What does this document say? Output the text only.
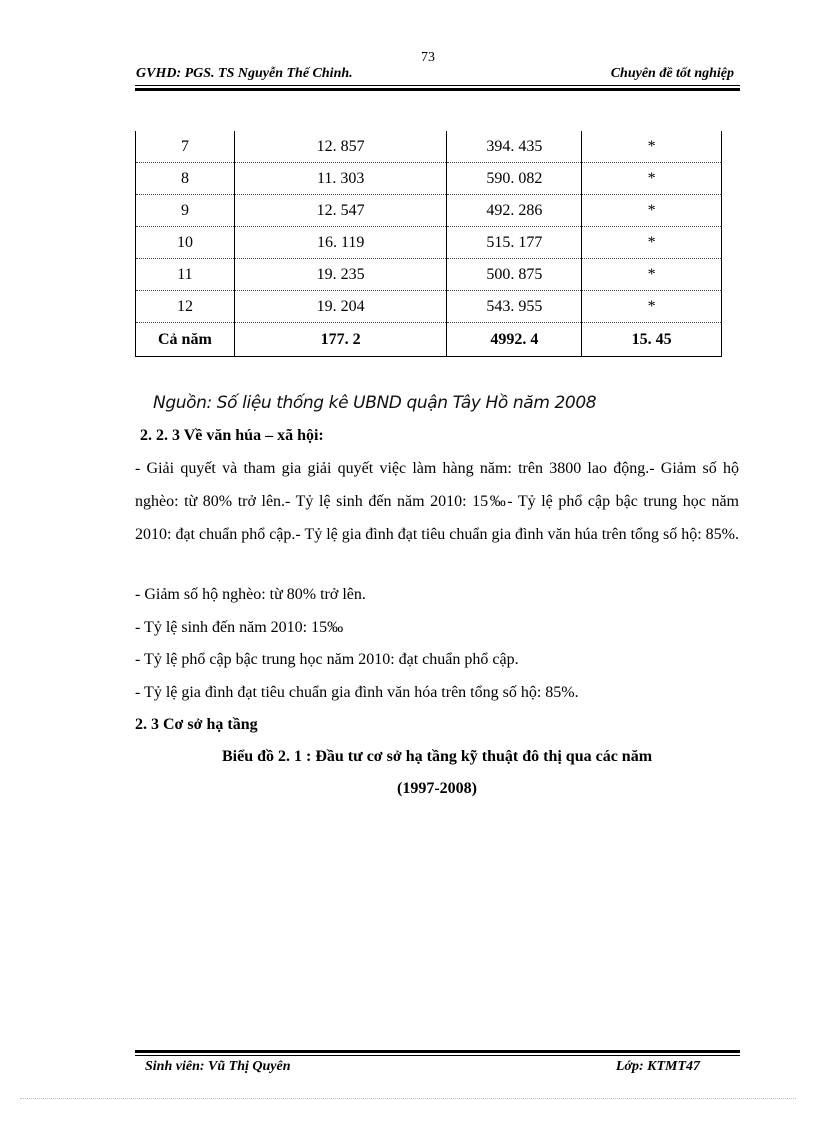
73
GVHD: PGS. TS Nguyễn Thế Chinh.	Chuyên đề tốt nghiệp
7	12. 857	394. 435	*
8	11. 303	590. 082	*
9	12. 547	492. 286	*
10	16. 119	515. 177	*
11	19. 235	500. 875	*
12	19. 204	543. 955	*
Cả năm	177. 2	4992. 4	15. 45
Nguồn: Số liệu thống kê UBND quận Tây Hồ năm 2008
2. 2. 3 Về văn húa – xã hội:
- Giải quyết và tham gia giải quyết việc làm hàng năm: trên 3800 lao động.- Giảm số hộ nghèo: từ 80% trở lên.- Tỷ lệ sinh đến năm 2010: 15‰- Tỷ lệ phổ cập bậc trung học năm 2010: đạt chuẩn phổ cập.- Tỷ lệ gia đình đạt tiêu chuẩn gia đình văn húa trên tổng số hộ: 85%.
- Giảm số hộ nghèo: từ 80% trở lên.
- Tỷ lệ sinh đến năm 2010: 15‰
- Tỷ lệ phổ cập bậc trung học năm 2010: đạt chuẩn phổ cập.
- Tỷ lệ gia đình đạt tiêu chuẩn gia đình văn hóa trên tổng số hộ: 85%.
2. 3 Cơ sở hạ tầng
Biểu đồ 2. 1 : Đầu tư cơ sở hạ tầng kỹ thuật đô thị qua các năm
(1997-2008)
Sinh viên: Vũ Thị Quyên	Lớp: KTMT47
